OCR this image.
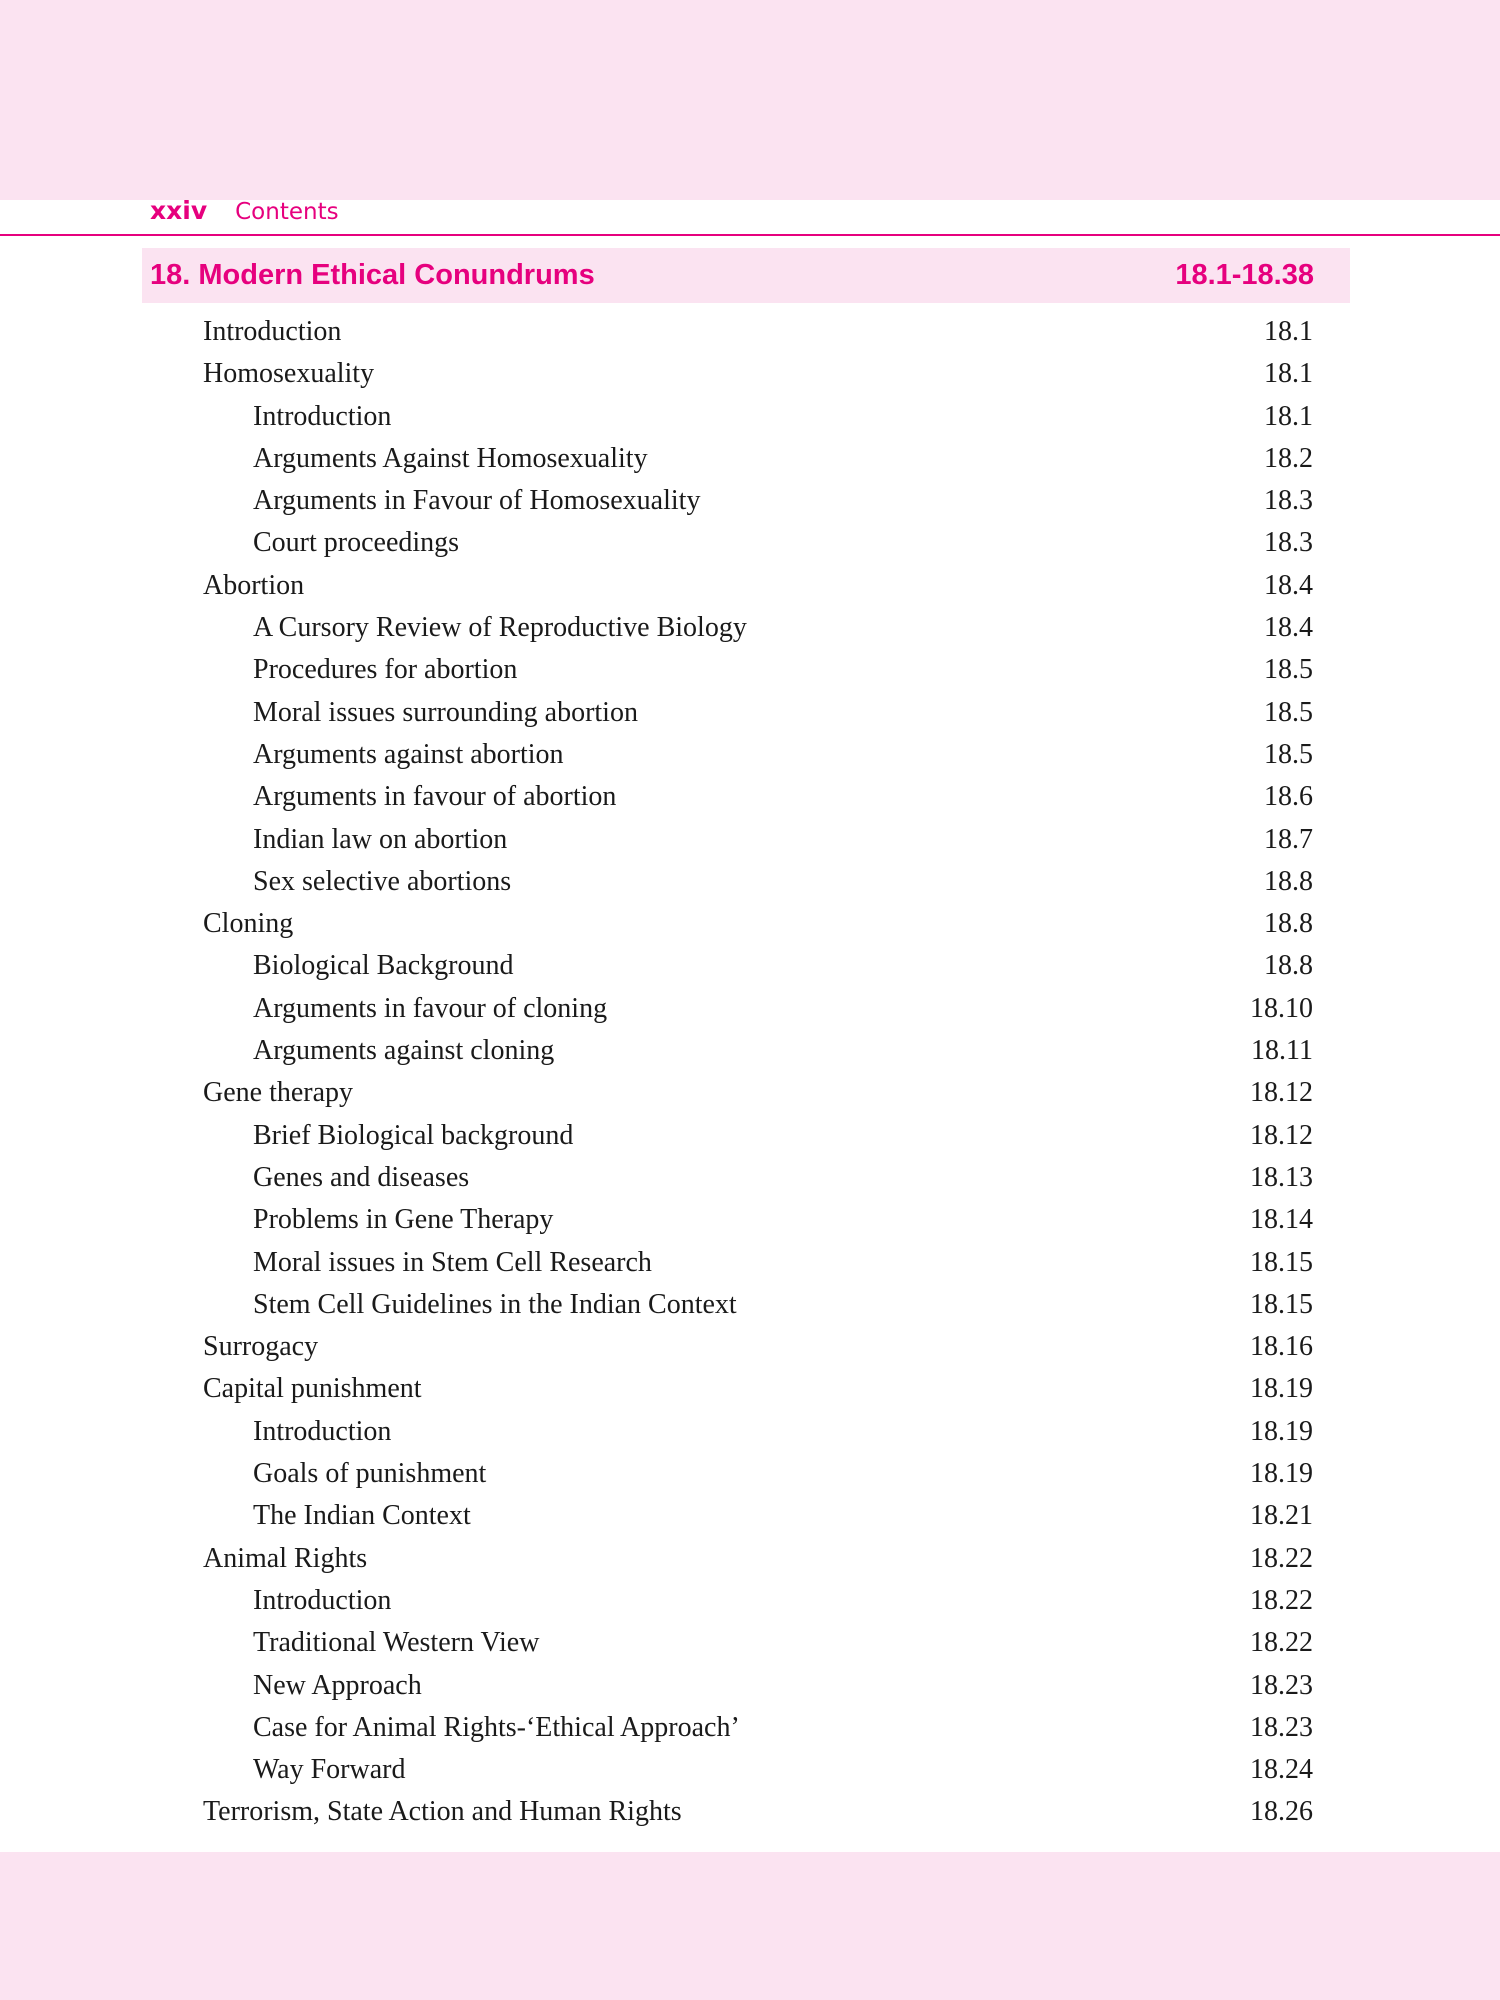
xxiv Contents
18. Modern Ethical Conundrums	18.1-18.38
Introduction	18.1
Homosexuality	18.1
Introduction	18.1
Arguments Against Homosexuality	18.2
Arguments in Favour of Homosexuality	18.3
Court proceedings	18.3
Abortion	18.4
A Cursory Review of Reproductive Biology	18.4
Procedures for abortion	18.5
Moral issues surrounding abortion	18.5
Arguments against abortion	18.5
Arguments in favour of abortion	18.6
Indian law on abortion	18.7
Sex selective abortions	18.8
Cloning	18.8
Biological Background	18.8
Arguments in favour of cloning	18.10
Arguments against cloning	18.11
Gene therapy	18.12
Brief Biological background	18.12
Genes and diseases	18.13
Problems in Gene Therapy	18.14
Moral issues in Stem Cell Research	18.15
Stem Cell Guidelines in the Indian Context	18.15
Surrogacy	18.16
Capital punishment	18.19
Introduction	18.19
Goals of punishment	18.19
The Indian Context	18.21
Animal Rights	18.22
Introduction	18.22
Traditional Western View	18.22
New Approach	18.23
Case for Animal Rights-‘Ethical Approach’	18.23
Way Forward	18.24
Terrorism, State Action and Human Rights	18.26
